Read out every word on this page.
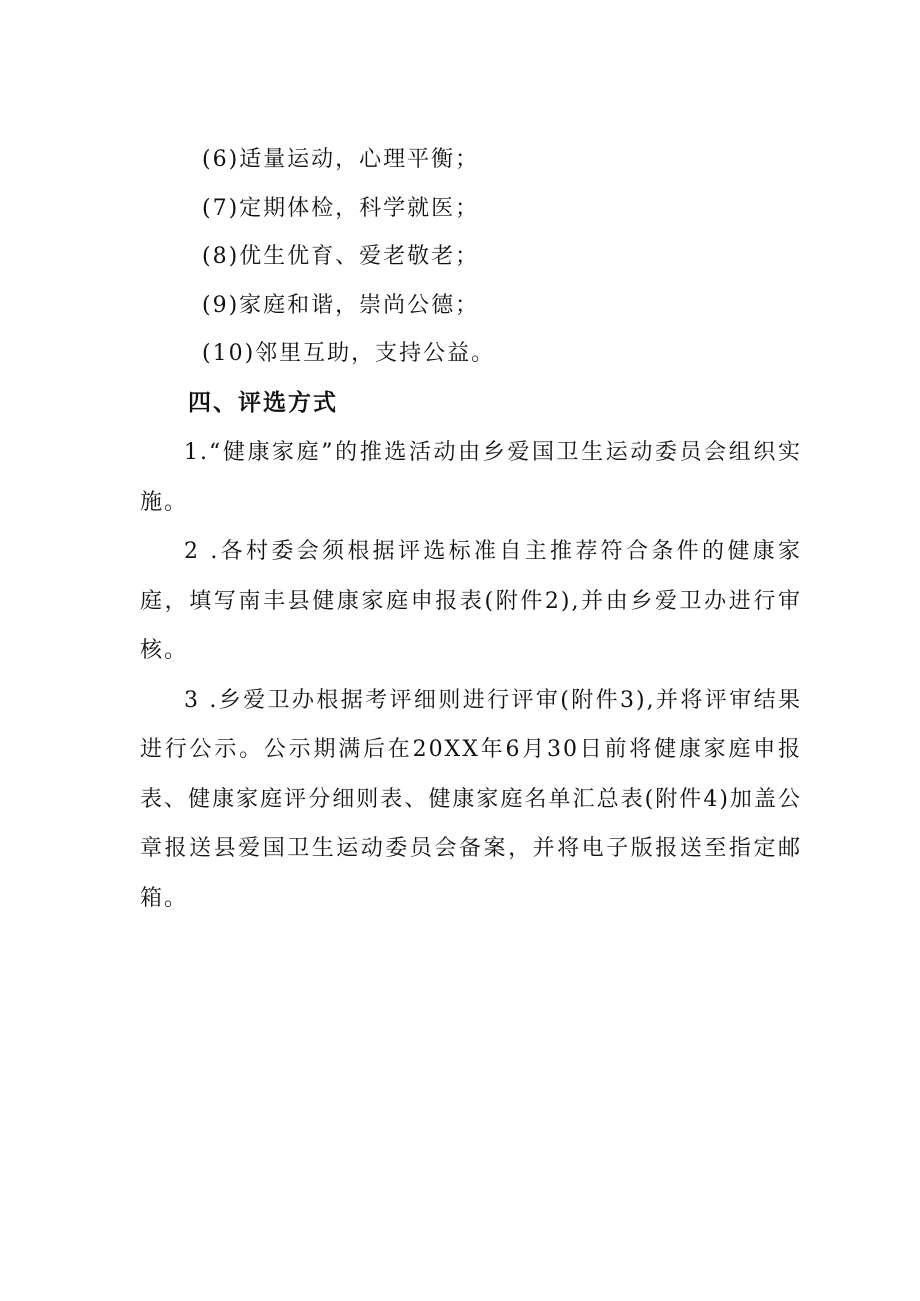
(6)适量运动，心理平衡；
(7)定期体检，科学就医；
(8)优生优育、爱老敬老；
(9)家庭和谐，崇尚公德；
(10)邻里互助，支持公益。
四、评选方式

1.“健康家庭”的推选活动由乡爱国卫生运动委员会组织实施。

2 .各村委会须根据评选标准自主推荐符合条件的健康家庭，填写南丰县健康家庭申报表(附件2),并由乡爱卫办进行审核。

3 .乡爱卫办根据考评细则进行评审(附件3),并将评审结果进行公示。公示期满后在20XX年6月30日前将健康家庭申报表、健康家庭评分细则表、健康家庭名单汇总表(附件4)加盖公章报送县爱国卫生运动委员会备案，并将电子版报送至指定邮箱。
